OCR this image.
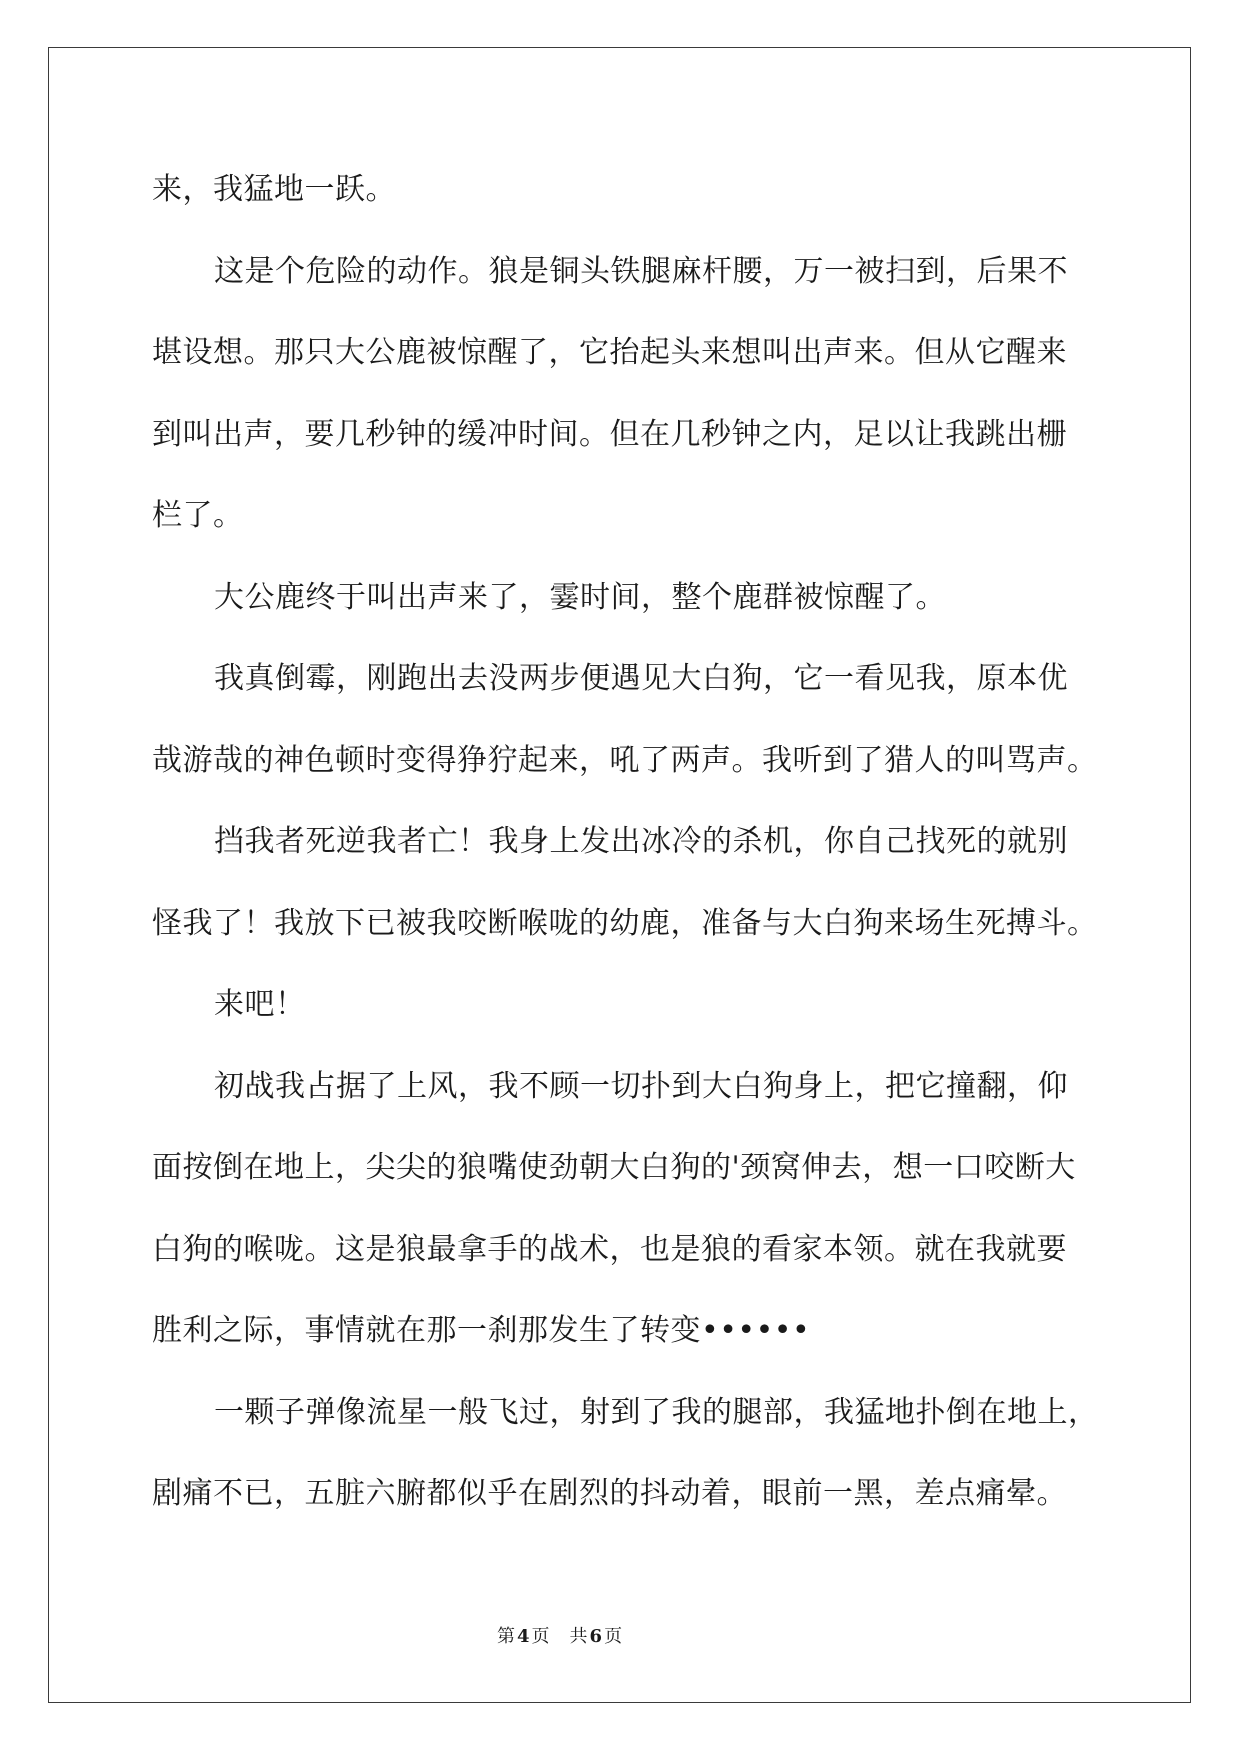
来，我猛地一跃。
这是个危险的动作。狼是铜头铁腿麻杆腰，万一被扫到，后果不
堪设想。那只大公鹿被惊醒了，它抬起头来想叫出声来。但从它醒来
到叫出声，要几秒钟的缓冲时间。但在几秒钟之内，足以让我跳出栅
栏了。
大公鹿终于叫出声来了，霎时间，整个鹿群被惊醒了。
我真倒霉，刚跑出去没两步便遇见大白狗，它一看见我，原本优
哉游哉的神色顿时变得狰狞起来，吼了两声。我听到了猎人的叫骂声。
挡我者死逆我者亡！我身上发出冰冷的杀机，你自己找死的就别
怪我了！我放下已被我咬断喉咙的幼鹿，准备与大白狗来场生死搏斗。
来吧！
初战我占据了上风，我不顾一切扑到大白狗身上，把它撞翻，仰
面按倒在地上，尖尖的狼嘴使劲朝大白狗的'颈窝伸去，想一口咬断大
白狗的喉咙。这是狼最拿手的战术，也是狼的看家本领。就在我就要
胜利之际，事情就在那一刹那发生了转变••••••
一颗子弹像流星一般飞过，射到了我的腿部，我猛地扑倒在地上，
剧痛不已，五脏六腑都似乎在剧烈的抖动着，眼前一黑，差点痛晕。
第 4 页 共 6 页
